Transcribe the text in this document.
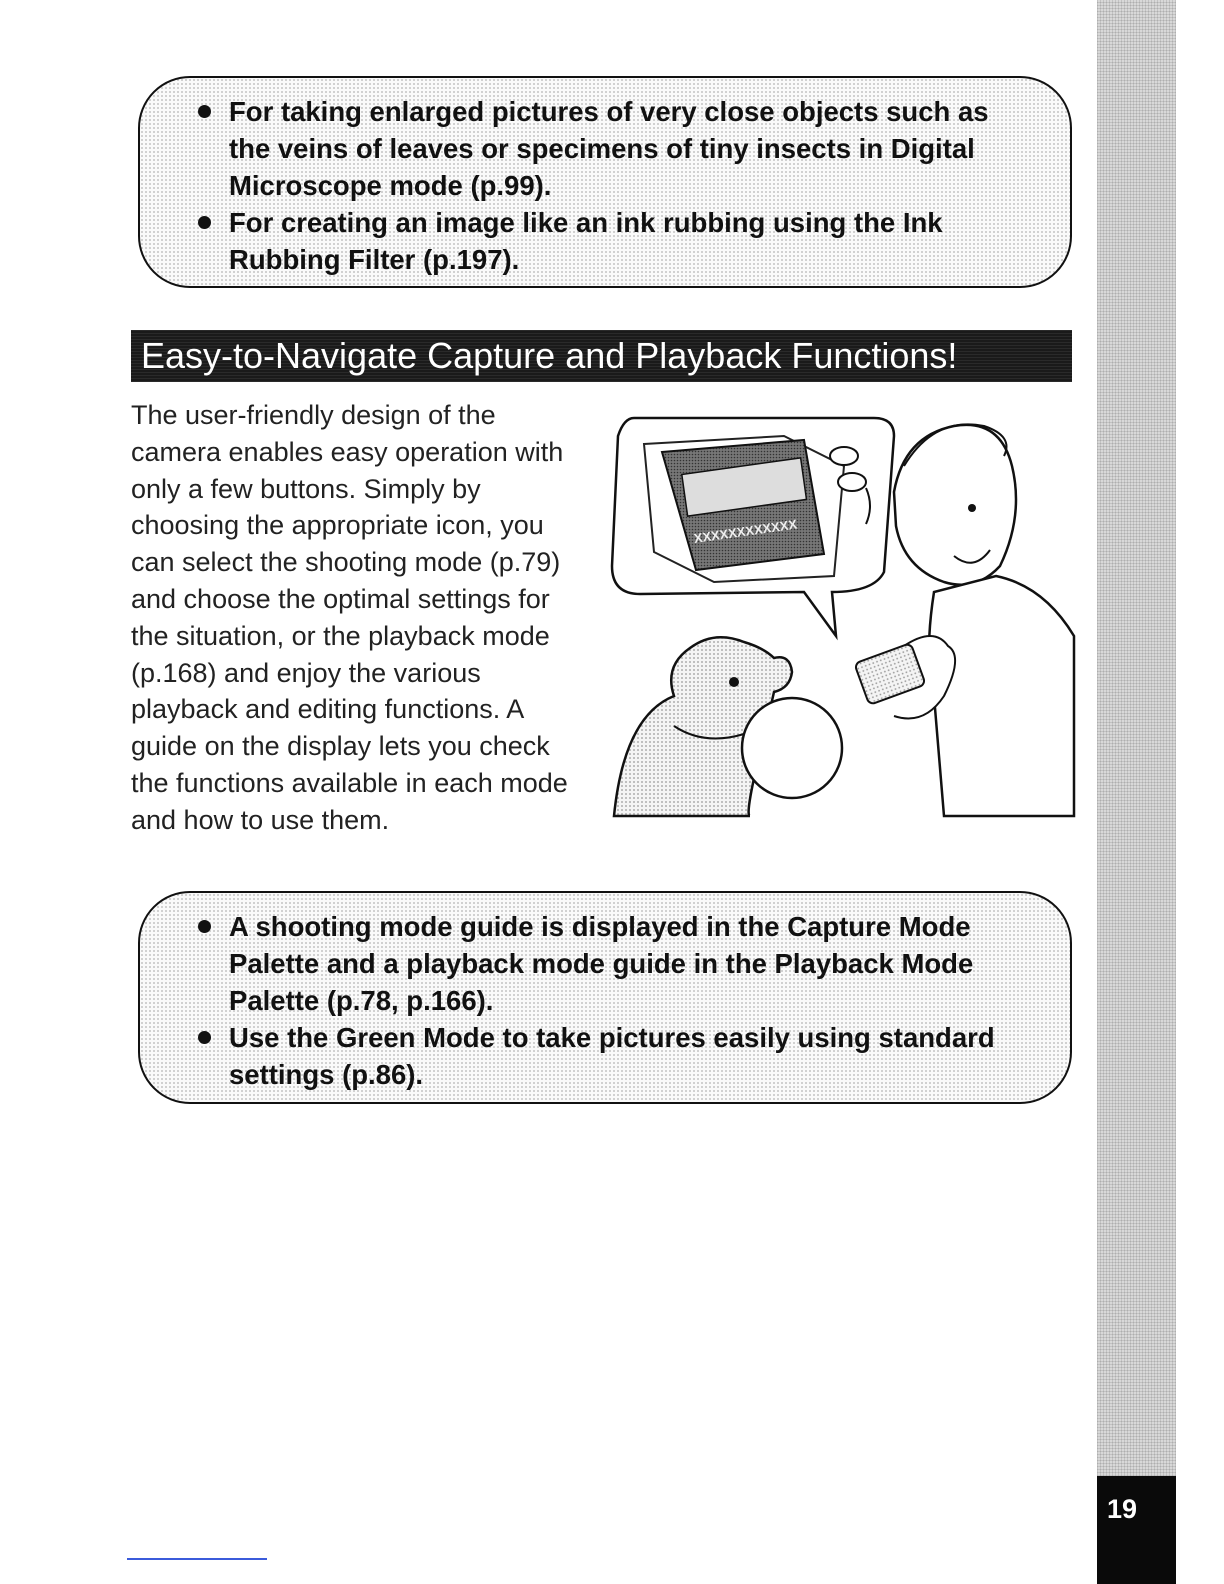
19
For taking enlarged pictures of very close objects such as the veins of leaves or specimens of tiny insects in Digital Microscope mode (p.99).
For creating an image like an ink rubbing using the Ink Rubbing Filter (p.197).
Easy-to-Navigate Capture and Playback Functions!
The user-friendly design of the camera enables easy operation with only a few buttons. Simply by choosing the appropriate icon, you can select the shooting mode (p.79) and choose the optimal settings for the situation, or the playback mode (p.168) and enjoy the various playback and editing functions. A guide on the display lets you check the functions available in each mode and how to use them.
XXXXXXXXXXXX
A shooting mode guide is displayed in the Capture Mode Palette and a playback mode guide in the Playback Mode Palette (p.78, p.166).
Use the Green Mode to take pictures easily using standard settings (p.86).
